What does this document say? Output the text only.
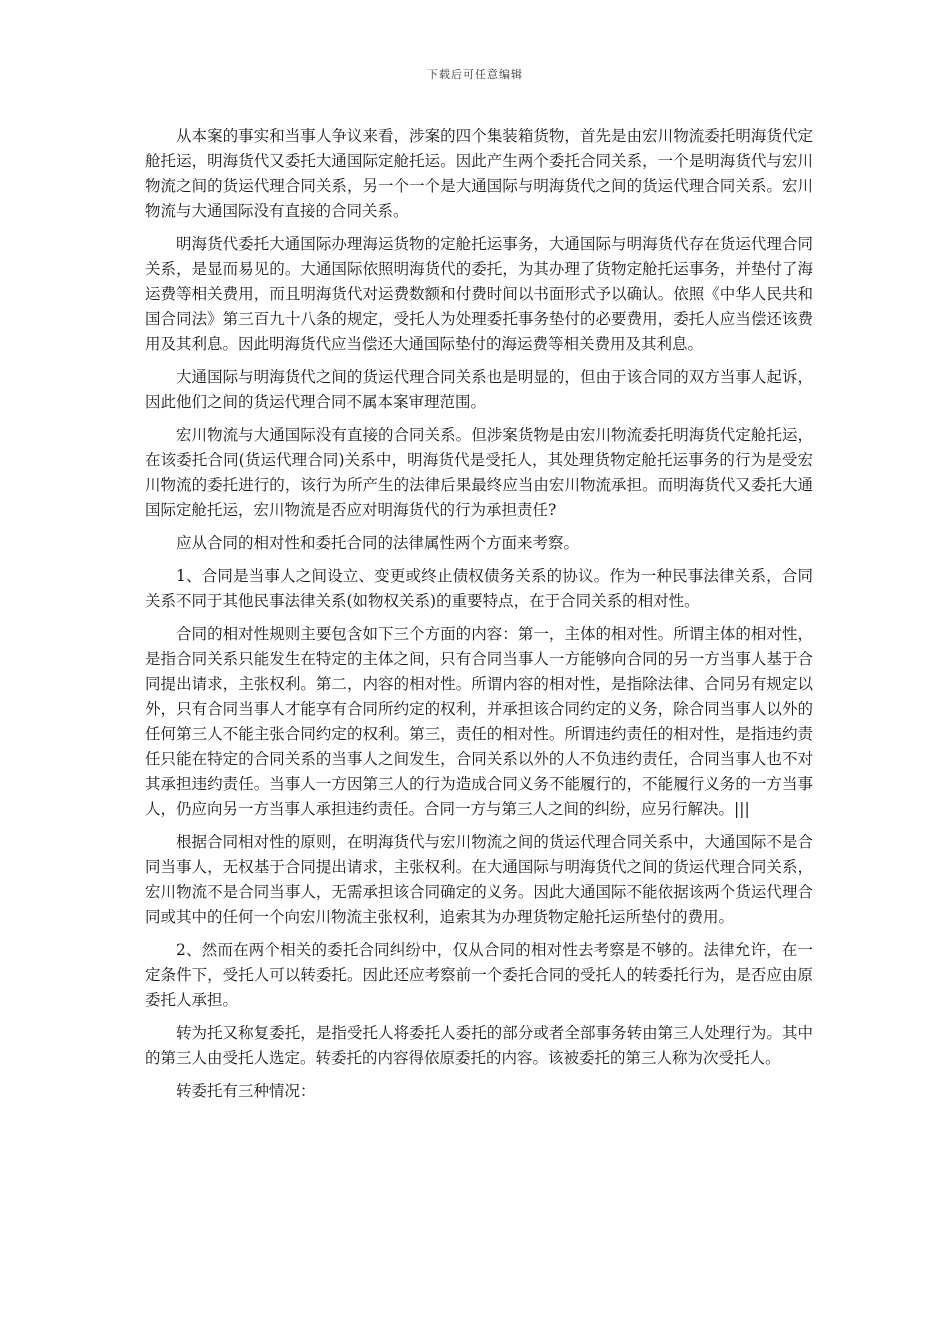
下载后可任意编辑

从本案的事实和当事人争议来看，涉案的四个集装箱货物，首先是由宏川物流委托明海货代定舱托运，明海货代又委托大通国际定舱托运。因此产生两个委托合同关系，一个是明海货代与宏川物流之间的货运代理合同关系，另一个一个是大通国际与明海货代之间的货运代理合同关系。宏川物流与大通国际没有直接的合同关系。

明海货代委托大通国际办理海运货物的定舱托运事务，大通国际与明海货代存在货运代理合同关系，是显而易见的。大通国际依照明海货代的委托，为其办理了货物定舱托运事务，并垫付了海运费等相关费用，而且明海货代对运费数额和付费时间以书面形式予以确认。依照《中华人民共和国合同法》第三百九十八条的规定，受托人为处理委托事务垫付的必要费用，委托人应当偿还该费用及其利息。因此明海货代应当偿还大通国际垫付的海运费等相关费用及其利息。

大通国际与明海货代之间的货运代理合同关系也是明显的，但由于该合同的双方当事人起诉，因此他们之间的货运代理合同不属本案审理范围。

宏川物流与大通国际没有直接的合同关系。但涉案货物是由宏川物流委托明海货代定舱托运，在该委托合同(货运代理合同)关系中，明海货代是受托人，其处理货物定舱托运事务的行为是受宏川物流的委托进行的，该行为所产生的法律后果最终应当由宏川物流承担。而明海货代又委托大通国际定舱托运，宏川物流是否应对明海货代的行为承担责任?

应从合同的相对性和委托合同的法律属性两个方面来考察。

1、合同是当事人之间设立、变更或终止债权债务关系的协议。作为一种民事法律关系，合同关系不同于其他民事法律关系(如物权关系)的重要特点，在于合同关系的相对性。

合同的相对性规则主要包含如下三个方面的内容：第一，主体的相对性。所谓主体的相对性，是指合同关系只能发生在特定的主体之间，只有合同当事人一方能够向合同的另一方当事人基于合同提出请求，主张权利。第二，内容的相对性。所谓内容的相对性，是指除法律、合同另有规定以外，只有合同当事人才能享有合同所约定的权利，并承担该合同约定的义务，除合同当事人以外的任何第三人不能主张合同约定的权利。第三，责任的相对性。所谓违约责任的相对性，是指违约责任只能在特定的合同关系的当事人之间发生，合同关系以外的人不负违约责任，合同当事人也不对其承担违约责任。当事人一方因第三人的行为造成合同义务不能履行的，不能履行义务的一方当事人，仍应向另一方当事人承担违约责任。合同一方与第三人之间的纠纷，应另行解决。|||

根据合同相对性的原则，在明海货代与宏川物流之间的货运代理合同关系中，大通国际不是合同当事人，无权基于合同提出请求，主张权利。在大通国际与明海货代之间的货运代理合同关系，宏川物流不是合同当事人，无需承担该合同确定的义务。因此大通国际不能依据该两个货运代理合同或其中的任何一个向宏川物流主张权利，追索其为办理货物定舱托运所垫付的费用。

2、然而在两个相关的委托合同纠纷中，仅从合同的相对性去考察是不够的。法律允许，在一定条件下，受托人可以转委托。因此还应考察前一个委托合同的受托人的转委托行为，是否应由原委托人承担。

转为托又称复委托，是指受托人将委托人委托的部分或者全部事务转由第三人处理行为。其中的第三人由受托人选定。转委托的内容得依原委托的内容。该被委托的第三人称为次受托人。

转委托有三种情况：
